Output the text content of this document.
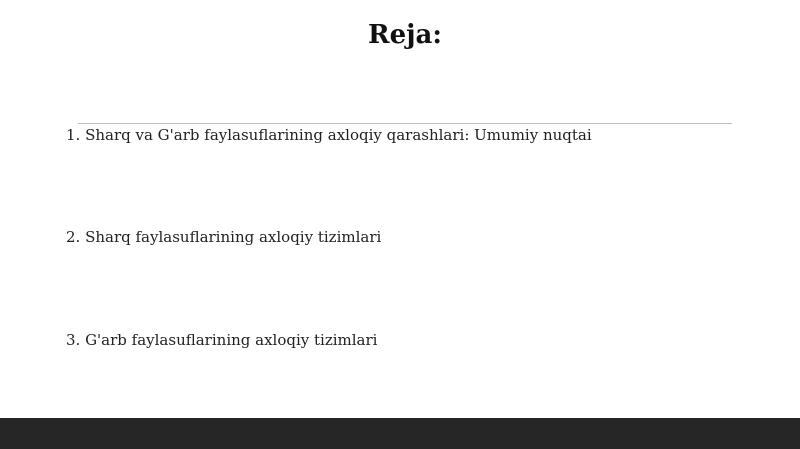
Reja:
1. Sharq va G'arb faylasuflarining axloqiy qarashlari: Umumiy nuqtai
2. Sharq faylasuflarining axloqiy tizimlari
3. G'arb faylasuflarining axloqiy tizimlari
